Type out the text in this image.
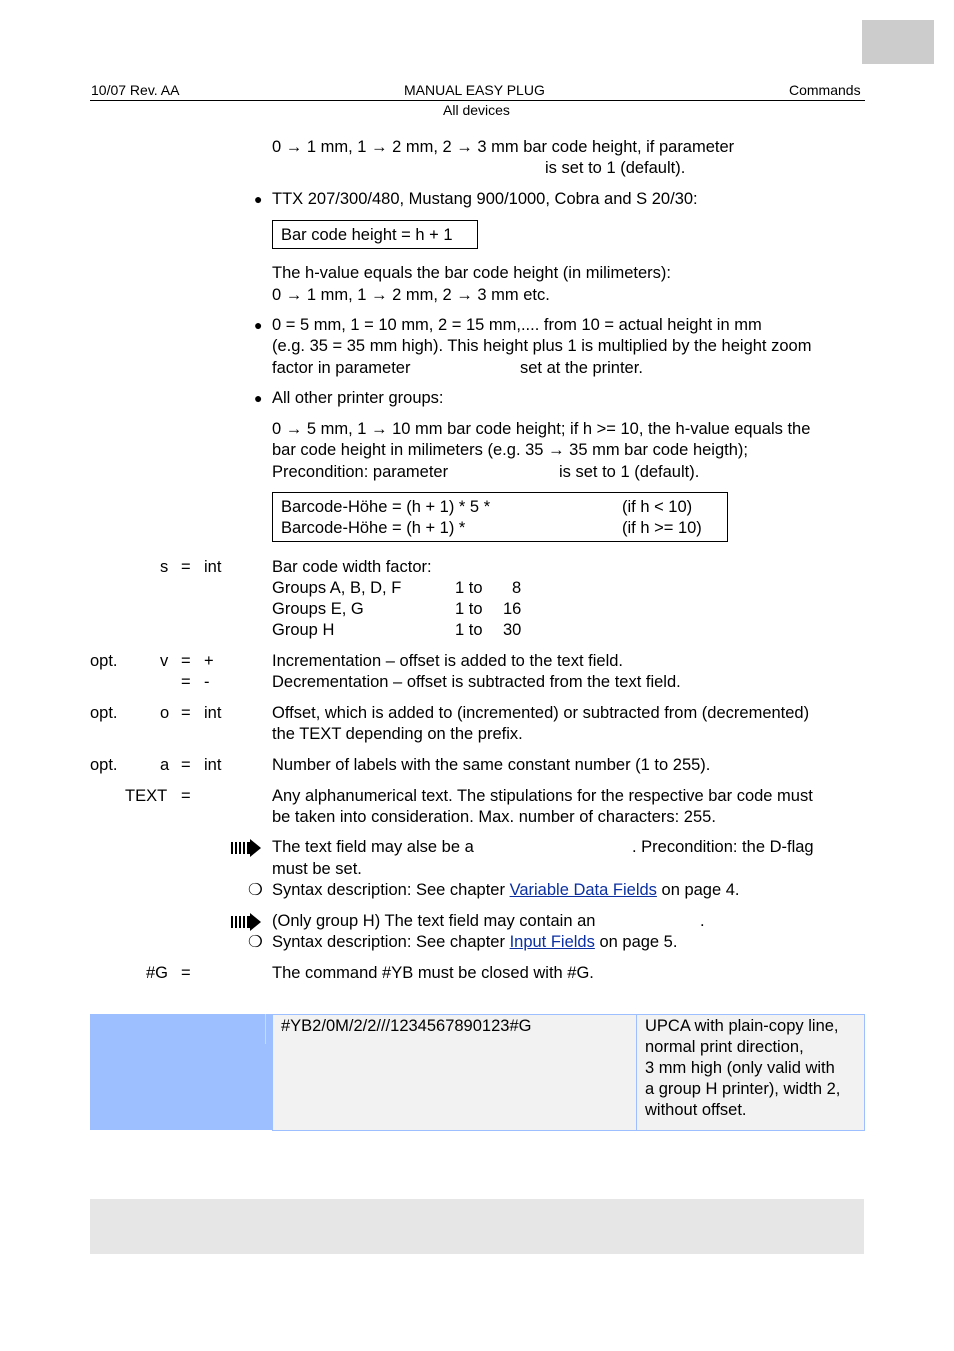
10/07 Rev. AA	MANUAL EASY PLUG	Commands
All devices
0 → 1 mm, 1 → 2 mm, 2 → 3 mm bar code height, if parameter
is set to 1 (default).
● TTX 207/300/480, Mustang 900/1000, Cobra and S 20/30:
Bar code height = h + 1
The h-value equals the bar code height (in milimeters):
0 → 1 mm, 1 → 2 mm, 2 → 3 mm etc.
● 0 = 5 mm, 1 = 10 mm, 2 = 15 mm,.... from 10 = actual height in mm
(e.g. 35 = 35 mm high). This height plus 1 is multiplied by the height zoom
factor in parameter	set at the printer.
● All other printer groups:
0 → 5 mm, 1 → 10 mm bar code height; if h >= 10, the h-value equals the
bar code height in milimeters (e.g. 35 → 35 mm bar code heigth);
Precondition: parameter	is set to 1 (default).
Barcode-Höhe = (h + 1) * 5 *	(if h < 10)
Barcode-Höhe = (h + 1) *	(if h >= 10)
s = int	Bar code width factor:
Groups A, B, D, F	1 to 8
Groups E, G	1 to 16
Group H	1 to 30
opt.	v = +	Incrementation – offset is added to the text field.
= -	Decrementation – offset is subtracted from the text field.
opt.	o = int	Offset, which is added to (incremented) or subtracted from (decremented)
the TEXT depending on the prefix.
opt.	a = int	Number of labels with the same constant number (1 to 255).
TEXT =	Any alphanumerical text. The stipulations for the respective bar code must
be taken into consideration. Max. number of characters: 255.
The text field may alse be a	. Precondition: the D-flag
must be set.
❍ Syntax description: See chapter Variable Data Fields on page 4.
(Only group H) The text field may contain an	.
❍ Syntax description: See chapter Input Fields on page 5.
#G =	The command #YB must be closed with #G.
#YB2/0M/2/2///1234567890123#G	UPCA with plain-copy line,
normal print direction,
3 mm high (only valid with
a group H printer), width 2,
without offset.
